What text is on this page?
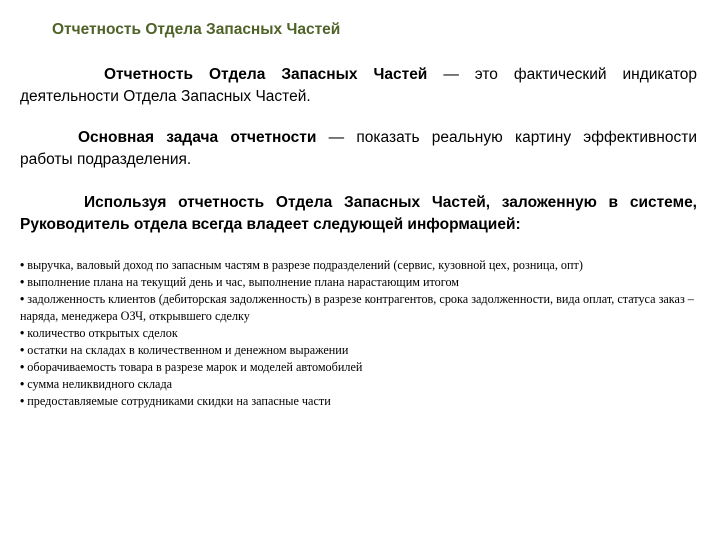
Отчетность Отдела Запасных Частей
Отчетность Отдела Запасных Частей — это фактический индикатор деятельности Отдела Запасных Частей.
Основная задача отчетности — показать реальную картину эффективности работы подразделения.
Используя отчетность Отдела Запасных Частей, заложенную в системе, Руководитель отдела всегда владеет следующей информацией:
• выручка, валовый доход по запасным частям в разрезе подразделений (сервис, кузовной цех, розница, опт)
• выполнение плана на текущий день и час, выполнение плана нарастающим итогом
• задолженность клиентов (дебиторская задолженность) в разрезе контрагентов, срока задолженности, вида оплат, статуса заказ – наряда, менеджера ОЗЧ, открывшего сделку
• количество открытых сделок
• остатки на складах в количественном и денежном выражении
• оборачиваемость товара в разрезе марок и моделей автомобилей
• сумма неликвидного склада
• предоставляемые сотрудниками скидки на запасные части
